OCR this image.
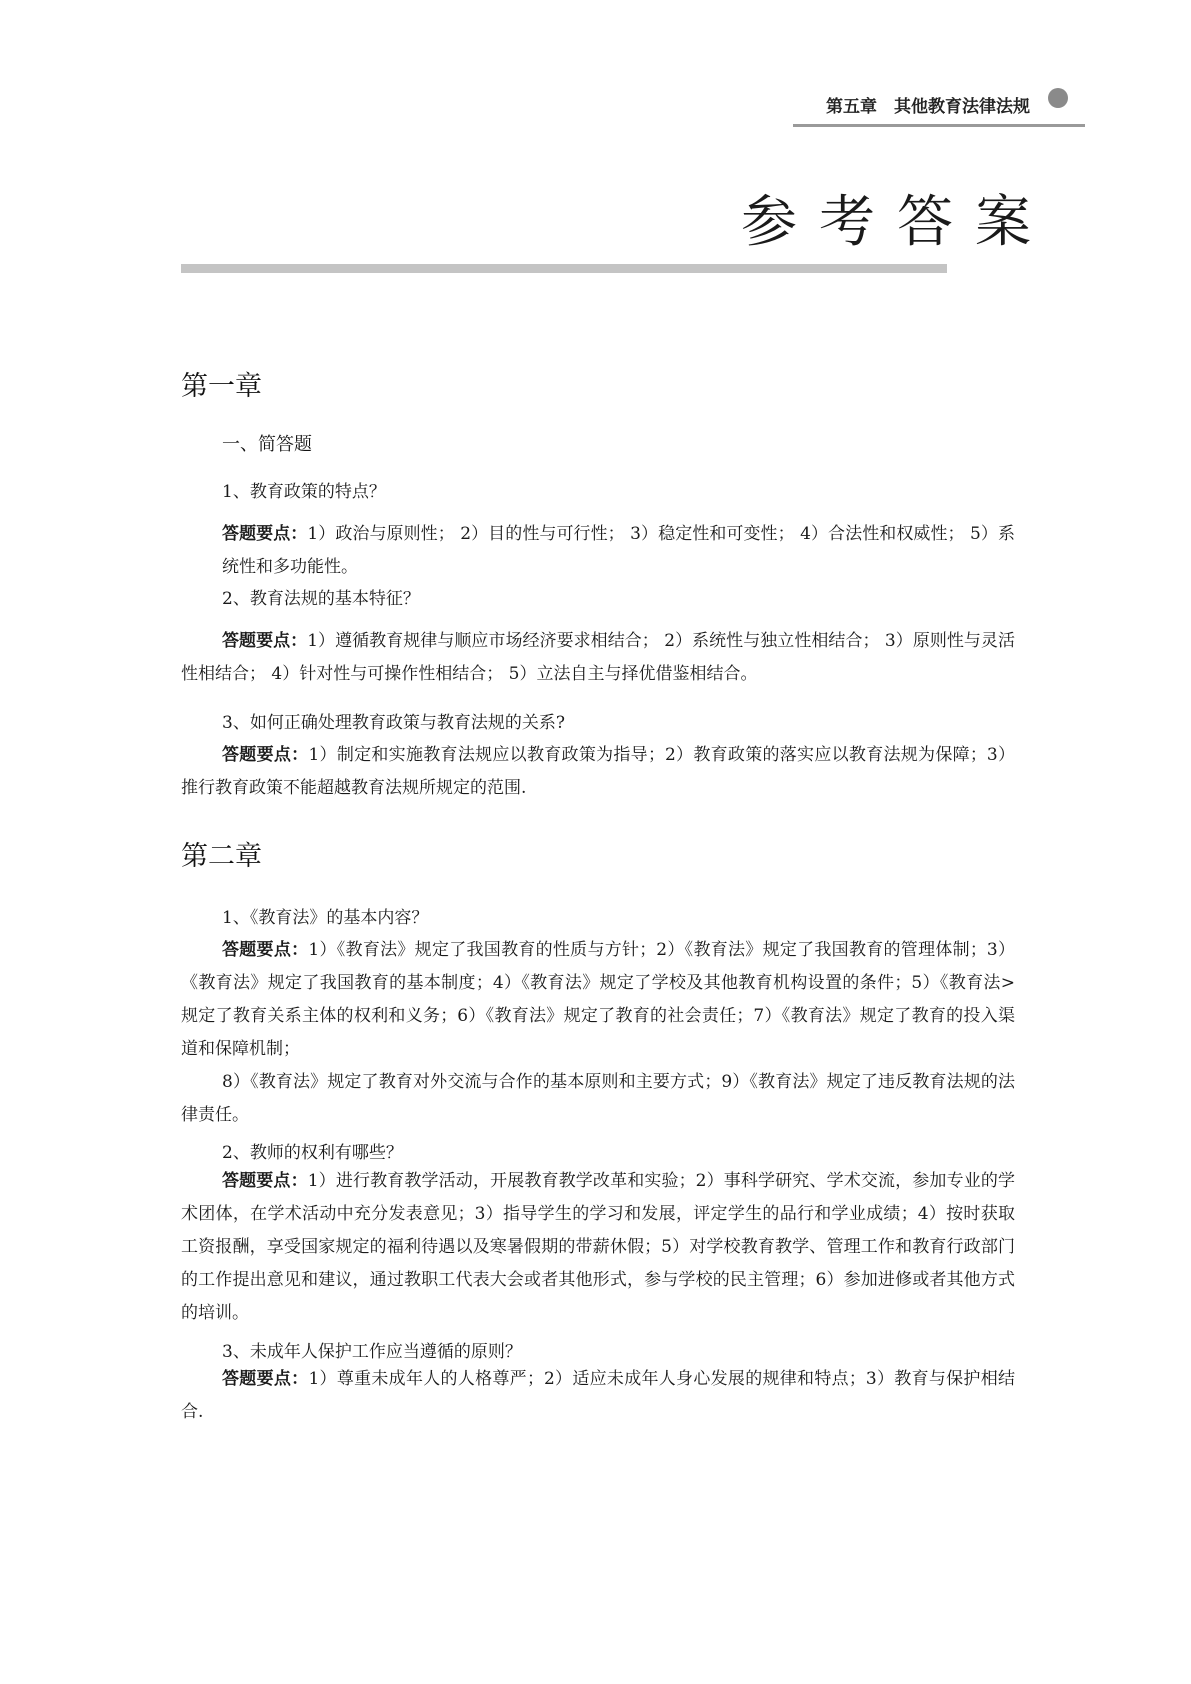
第五章　其他教育法律法规
参考答案
第一章
一、简答题
1、教育政策的特点？
答题要点：1）政治与原则性； 2）目的性与可行性； 3）稳定性和可变性； 4）合法性和权威性； 5）系统性和多功能性。
2、教育法规的基本特征？
答题要点：1）遵循教育规律与顺应市场经济要求相结合； 2）系统性与独立性相结合； 3）原则性与灵活性相结合； 4）针对性与可操作性相结合； 5）立法自主与择优借鉴相结合。
3、如何正确处理教育政策与教育法规的关系?
答题要点：1）制定和实施教育法规应以教育政策为指导；2）教育政策的落实应以教育法规为保障；3）推行教育政策不能超越教育法规所规定的范围.
第二章
1、《教育法》的基本内容？
答题要点：1）《教育法》规定了我国教育的性质与方针；2）《教育法》规定了我国教育的管理体制；3）《教育法》规定了我国教育的基本制度；4）《教育法》规定了学校及其他教育机构设置的条件；5）《教育法>规定了教育关系主体的权利和义务；6）《教育法》规定了教育的社会责任；7）《教育法》规定了教育的投入渠道和保障机制；
8）《教育法》规定了教育对外交流与合作的基本原则和主要方式；9）《教育法》规定了违反教育法规的法律责任。
2、教师的权利有哪些？
答题要点：1）进行教育教学活动，开展教育教学改革和实验；2）事科学研究、学术交流，参加专业的学术团体，在学术活动中充分发表意见；3）指导学生的学习和发展，评定学生的品行和学业成绩；4）按时获取工资报酬，享受国家规定的福利待遇以及寒暑假期的带薪休假；5）对学校教育教学、管理工作和教育行政部门的工作提出意见和建议，通过教职工代表大会或者其他形式，参与学校的民主管理；6）参加进修或者其他方式的培训。
3、未成年人保护工作应当遵循的原则？
答题要点：1）尊重未成年人的人格尊严；2）适应未成年人身心发展的规律和特点；3）教育与保护相结合.
